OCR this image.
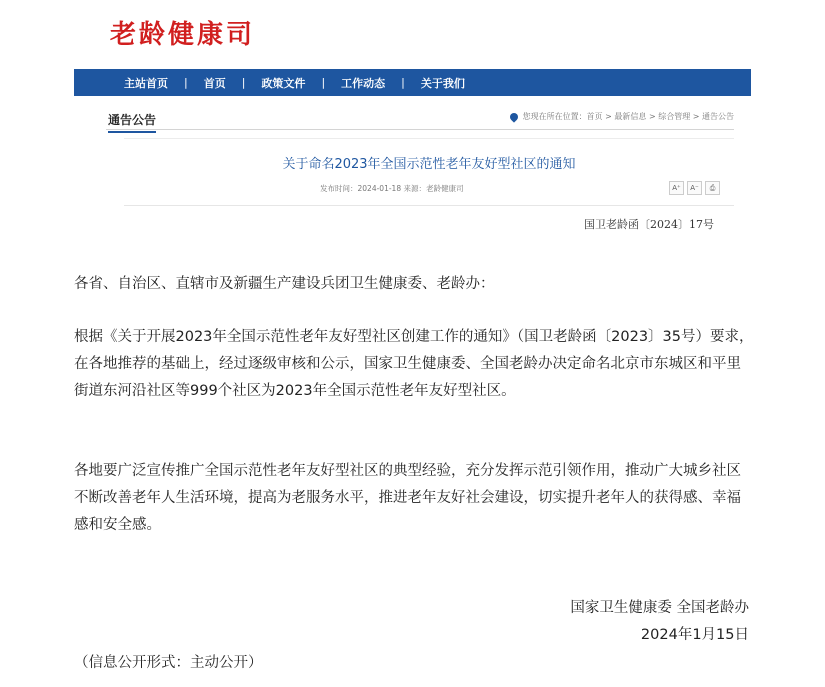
老龄健康司
主站首页	|	首页	|	政策文件	|	工作动态	|	关于我们
通告公告	您现在所在位置：首页 > 最新信息 > 综合管理 > 通告公告
关于命名2023年全国示范性老年友好型社区的通知
发布时间：2024-01-18 来源：老龄健康司	A⁺	A⁻	⎙
国卫老龄函〔2024〕17号

各省、自治区、直辖市及新疆生产建设兵团卫生健康委、老龄办：

根据《关于开展2023年全国示范性老年友好型社区创建工作的通知》（国卫老龄函〔2023〕35号）要求，在各地推荐的基础上，经过逐级审核和公示，国家卫生健康委、全国老龄办决定命名北京市东城区和平里街道东河沿社区等999个社区为2023年全国示范性老年友好型社区。

各地要广泛宣传推广全国示范性老年友好型社区的典型经验，充分发挥示范引领作用，推动广大城乡社区不断改善老年人生活环境，提高为老服务水平，推进老年友好社会建设，切实提升老年人的获得感、幸福感和安全感。

国家卫生健康委 全国老龄办
2024年1月15日
（信息公开形式：主动公开）
